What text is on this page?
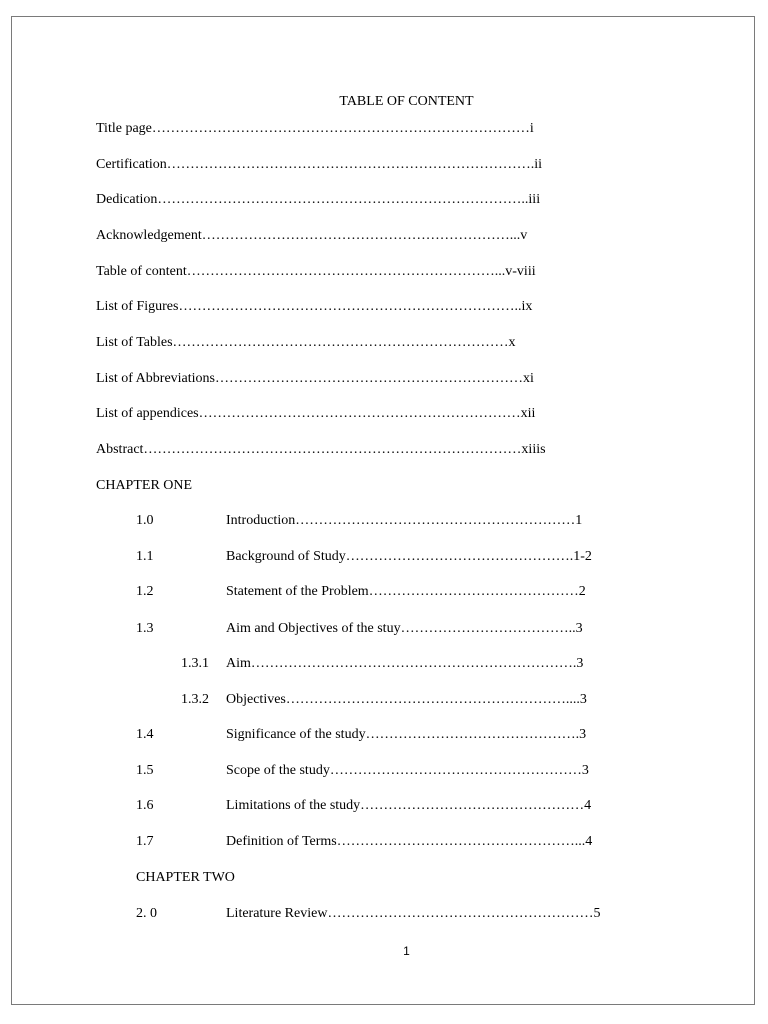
TABLE OF CONTENT
Title page………………………………………………………………………i
Certification…………………………………………………………………….ii
Dedication……………………………………………………………………..iii
Acknowledgement…………………………………………………………...v
Table of content…………………………………………………………...v-viii
List of Figures………………………………………………………………..ix
List of Tables………………………………………………………………x
List of Abbreviations…………………………………………………………xi
List of appendices……………………………………………………………xii
Abstract………………………………………………………………………xiiis
CHAPTER ONE
1.0	Introduction……………………………………………………1
1.1	Background of Study………………………………………….1-2
1.2	Statement of the Problem………………………………………2
1.3	Aim and Objectives of the stuy………………………………..3
1.3.1 Aim…………………………………………………………….3
1.3.2 Objectives……………………………………………………....3
1.4	Significance of the study……………………………………….3
1.5	Scope of the study………………………………………………3
1.6	Limitations of the study…………………………………………4
1.7	Definition of Terms……………………………………………...4
CHAPTER TWO
2. 0	Literature Review…………………………………………………5
1
